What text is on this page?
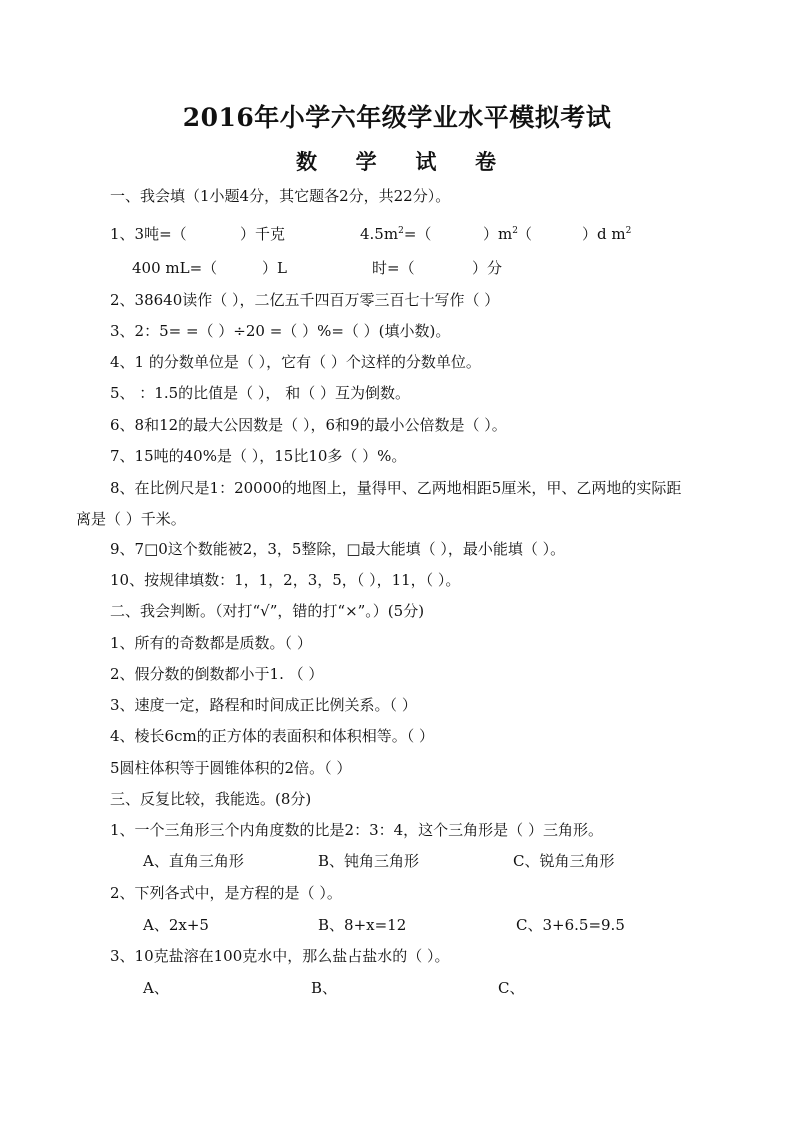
2016年小学六年级学业水平模拟考试
数 学 试 卷
一、我会填（1小题4分，其它题各2分，共22分）。
1、3吨=（	）千克	$4.5m^2=$（	）$m^2$ （	）d $m^2$
400 mL=（	）L	时=（	）分
2、38640读作（ ），二亿五千四百万零三百七十写作（ ）
3、2：5= =（ ）÷20 =（ ）%=（ ）(填小数)。
4、1 的分数单位是（ ），它有（ ）个这样的分数单位。
5、 ：1.5的比值是（ ）， 和（ ）互为倒数。
6、8和12的最大公因数是（ ），6和9的最小公倍数是（ ）。
7、15吨的40%是（ ），15比10多（ ）%。
8、在比例尺是1：20000的地图上，量得甲、乙两地相距5厘米，甲、乙两地的实际距
离是（ ）千米。
9、7□0这个数能被2，3，5整除，□最大能填（ ），最小能填（ ）。
10、按规律填数：1，1，2，3，5，（ ），11，（ ）。
二、我会判断。（对打“√”，错的打“×”。）(5分)
1、所有的奇数都是质数。（ ）
2、假分数的倒数都小于1. （ ）
3、速度一定，路程和时间成正比例关系。（ ）
4、棱长6cm的正方体的表面积和体积相等。（ ）
5圆柱体积等于圆锥体积的2倍。（ ）
三、反复比较，我能选。(8分)
1、一个三角形三个内角度数的比是2：3：4，这个三角形是（ ）三角形。
A、直角三角形	B、钝角三角形	C、锐角三角形
2、下列各式中，是方程的是（ ）。
A、2x+5	B、8+x=12	C、3+6.5=9.5
3、10克盐溶在100克水中，那么盐占盐水的（ ）。
A、	B、	C、
